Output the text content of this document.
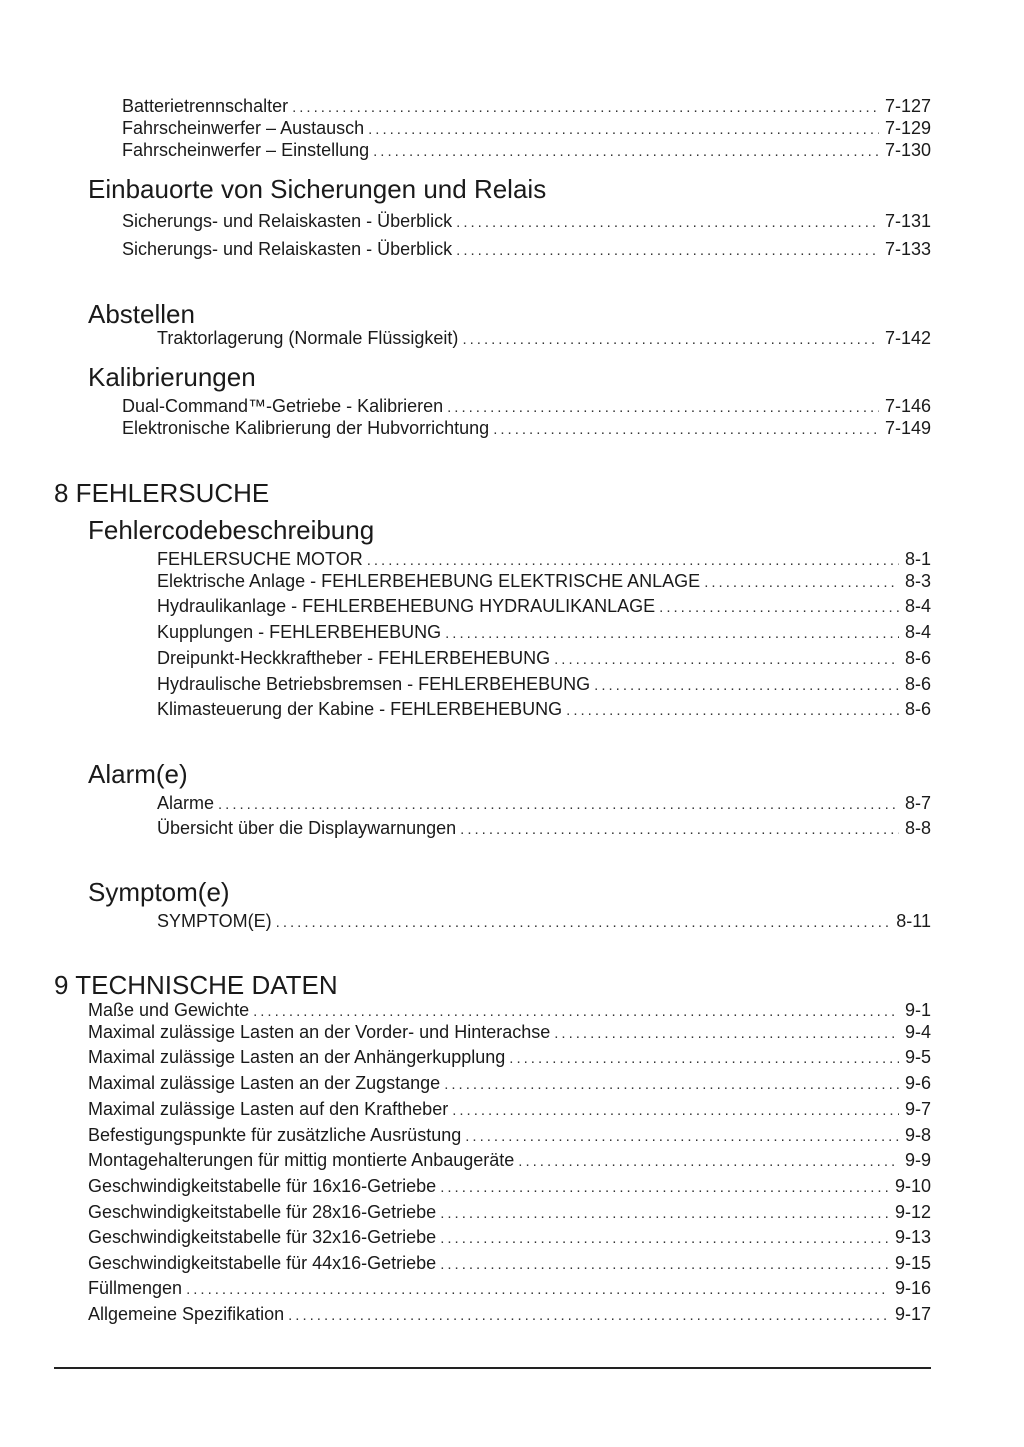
Batterietrennschalter .....	7-127
Fahrscheinwerfer – Austausch .....	7-129
Fahrscheinwerfer – Einstellung .....	7-130
Einbauorte von Sicherungen und Relais
Sicherungs- und Relaiskasten - Überblick .....	7-131
Sicherungs- und Relaiskasten - Überblick .....	7-133
Abstellen
Traktorlagerung (Normale Flüssigkeit) .....	7-142
Kalibrierungen
Dual-Command™-Getriebe - Kalibrieren .....	7-146
Elektronische Kalibrierung der Hubvorrichtung .....	7-149
8 FEHLERSUCHE
Fehlercodebeschreibung
FEHLERSUCHE MOTOR .....	8-1
Elektrische Anlage - FEHLERBEHEBUNG ELEKTRISCHE ANLAGE .....	8-3
Hydraulikanlage - FEHLERBEHEBUNG HYDRAULIKANLAGE .....	8-4
Kupplungen - FEHLERBEHEBUNG .....	8-4
Dreipunkt-Heckkraftheber - FEHLERBEHEBUNG .....	8-6
Hydraulische Betriebsbremsen - FEHLERBEHEBUNG .....	8-6
Klimasteuerung der Kabine - FEHLERBEHEBUNG .....	8-6
Alarm(e)
Alarme .....	8-7
Übersicht über die Displaywarnungen .....	8-8
Symptom(e)
SYMPTOM(E) .....	8-11
9 TECHNISCHE DATEN
Maße und Gewichte .....	9-1
Maximal zulässige Lasten an der Vorder- und Hinterachse .....	9-4
Maximal zulässige Lasten an der Anhängerkupplung .....	9-5
Maximal zulässige Lasten an der Zugstange .....	9-6
Maximal zulässige Lasten auf den Kraftheber .....	9-7
Befestigungspunkte für zusätzliche Ausrüstung .....	9-8
Montagehalterungen für mittig montierte Anbaugeräte .....	9-9
Geschwindigkeitstabelle für 16x16-Getriebe .....	9-10
Geschwindigkeitstabelle für 28x16-Getriebe .....	9-12
Geschwindigkeitstabelle für 32x16-Getriebe .....	9-13
Geschwindigkeitstabelle für 44x16-Getriebe .....	9-15
Füllmengen .....	9-16
Allgemeine Spezifikation .....	9-17
